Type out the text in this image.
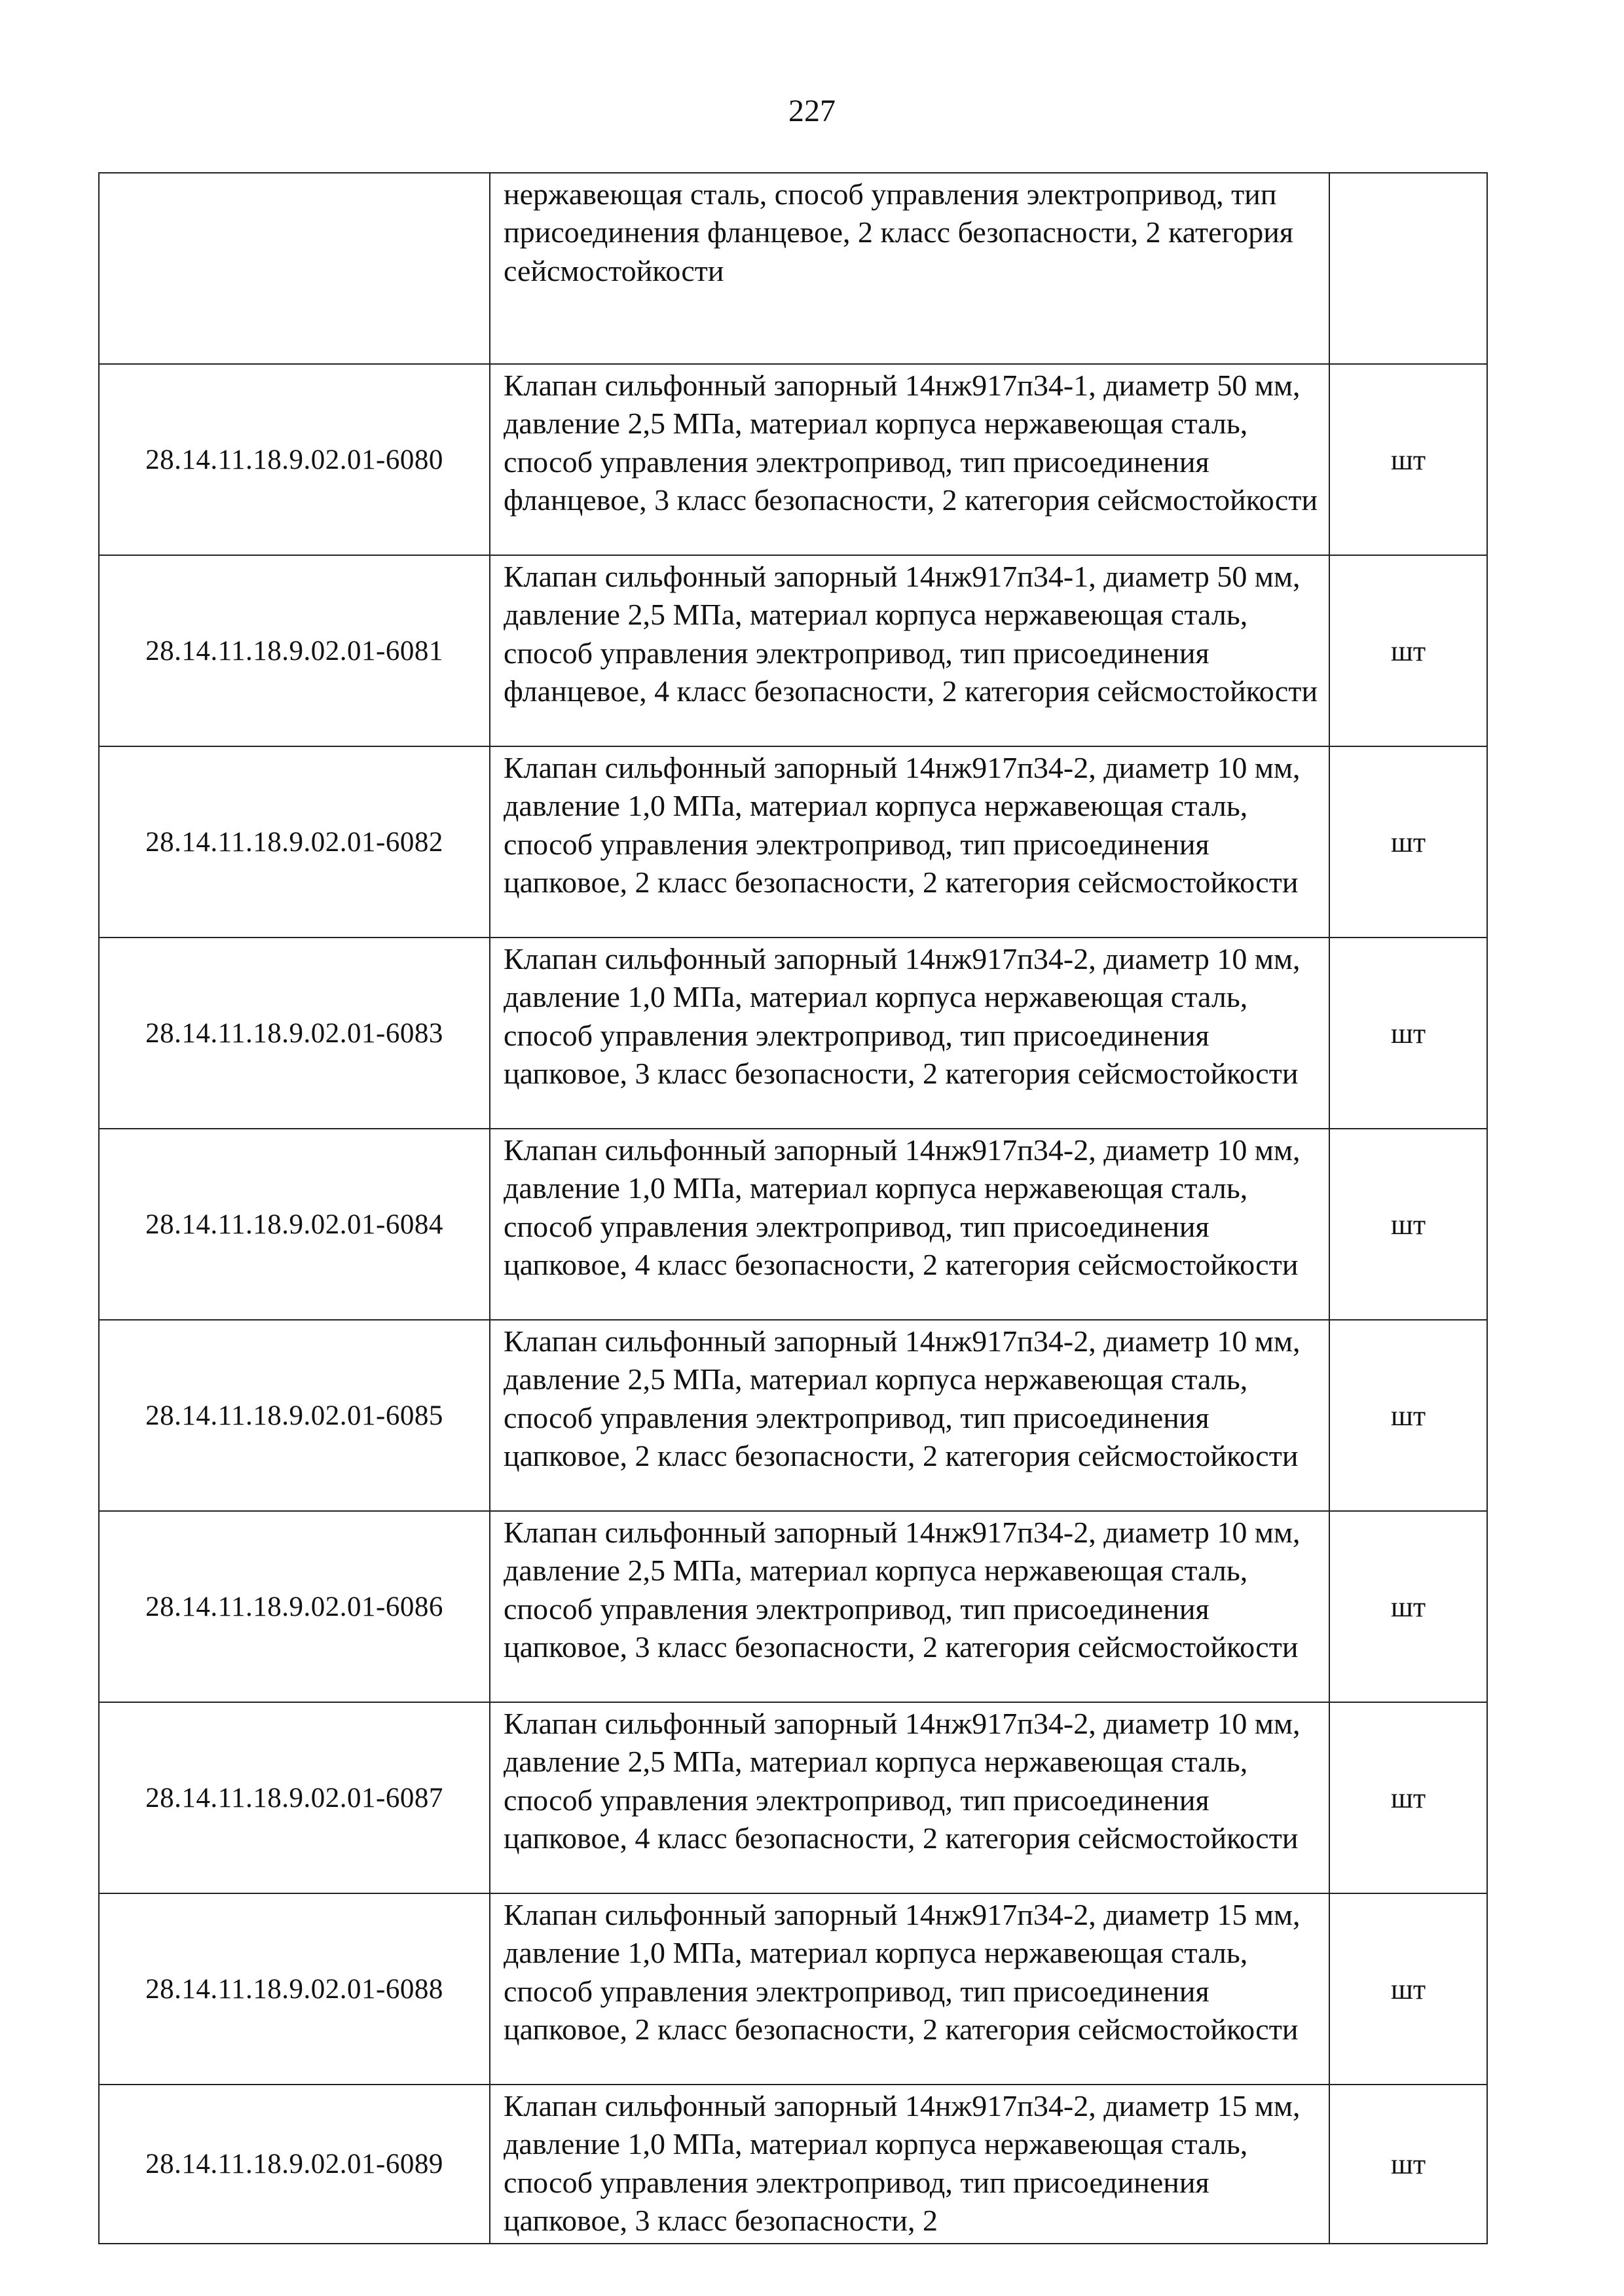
227
	нержавеющая сталь, способ управления электропривод, тип присоединения фланцевое, 2 класс безопасности, 2 категория сейсмостойкости	
28.14.11.18.9.02.01-6080	Клапан сильфонный запорный 14нж917п34-1, диаметр 50 мм, давление 2,5 МПа, материал корпуса нержавеющая сталь, способ управления электропривод, тип присоединения фланцевое, 3 класс безопасности, 2 категория сейсмостойкости	шт
28.14.11.18.9.02.01-6081	Клапан сильфонный запорный 14нж917п34-1, диаметр 50 мм, давление 2,5 МПа, материал корпуса нержавеющая сталь, способ управления электропривод, тип присоединения фланцевое, 4 класс безопасности, 2 категория сейсмостойкости	шт
28.14.11.18.9.02.01-6082	Клапан сильфонный запорный 14нж917п34-2, диаметр 10 мм, давление 1,0 МПа, материал корпуса нержавеющая сталь, способ управления электропривод, тип присоединения цапковое, 2 класс безопасности, 2 категория сейсмостойкости	шт
28.14.11.18.9.02.01-6083	Клапан сильфонный запорный 14нж917п34-2, диаметр 10 мм, давление 1,0 МПа, материал корпуса нержавеющая сталь, способ управления электропривод, тип присоединения цапковое, 3 класс безопасности, 2 категория сейсмостойкости	шт
28.14.11.18.9.02.01-6084	Клапан сильфонный запорный 14нж917п34-2, диаметр 10 мм, давление 1,0 МПа, материал корпуса нержавеющая сталь, способ управления электропривод, тип присоединения цапковое, 4 класс безопасности, 2 категория сейсмостойкости	шт
28.14.11.18.9.02.01-6085	Клапан сильфонный запорный 14нж917п34-2, диаметр 10 мм, давление 2,5 МПа, материал корпуса нержавеющая сталь, способ управления электропривод, тип присоединения цапковое, 2 класс безопасности, 2 категория сейсмостойкости	шт
28.14.11.18.9.02.01-6086	Клапан сильфонный запорный 14нж917п34-2, диаметр 10 мм, давление 2,5 МПа, материал корпуса нержавеющая сталь, способ управления электропривод, тип присоединения цапковое, 3 класс безопасности, 2 категория сейсмостойкости	шт
28.14.11.18.9.02.01-6087	Клапан сильфонный запорный 14нж917п34-2, диаметр 10 мм, давление 2,5 МПа, материал корпуса нержавеющая сталь, способ управления электропривод, тип присоединения цапковое, 4 класс безопасности, 2 категория сейсмостойкости	шт
28.14.11.18.9.02.01-6088	Клапан сильфонный запорный 14нж917п34-2, диаметр 15 мм, давление 1,0 МПа, материал корпуса нержавеющая сталь, способ управления электропривод, тип присоединения цапковое, 2 класс безопасности, 2 категория сейсмостойкости	шт
28.14.11.18.9.02.01-6089	Клапан сильфонный запорный 14нж917п34-2, диаметр 15 мм, давление 1,0 МПа, материал корпуса нержавеющая сталь, способ управления электропривод, тип присоединения цапковое, 3 класс безопасности, 2	шт
